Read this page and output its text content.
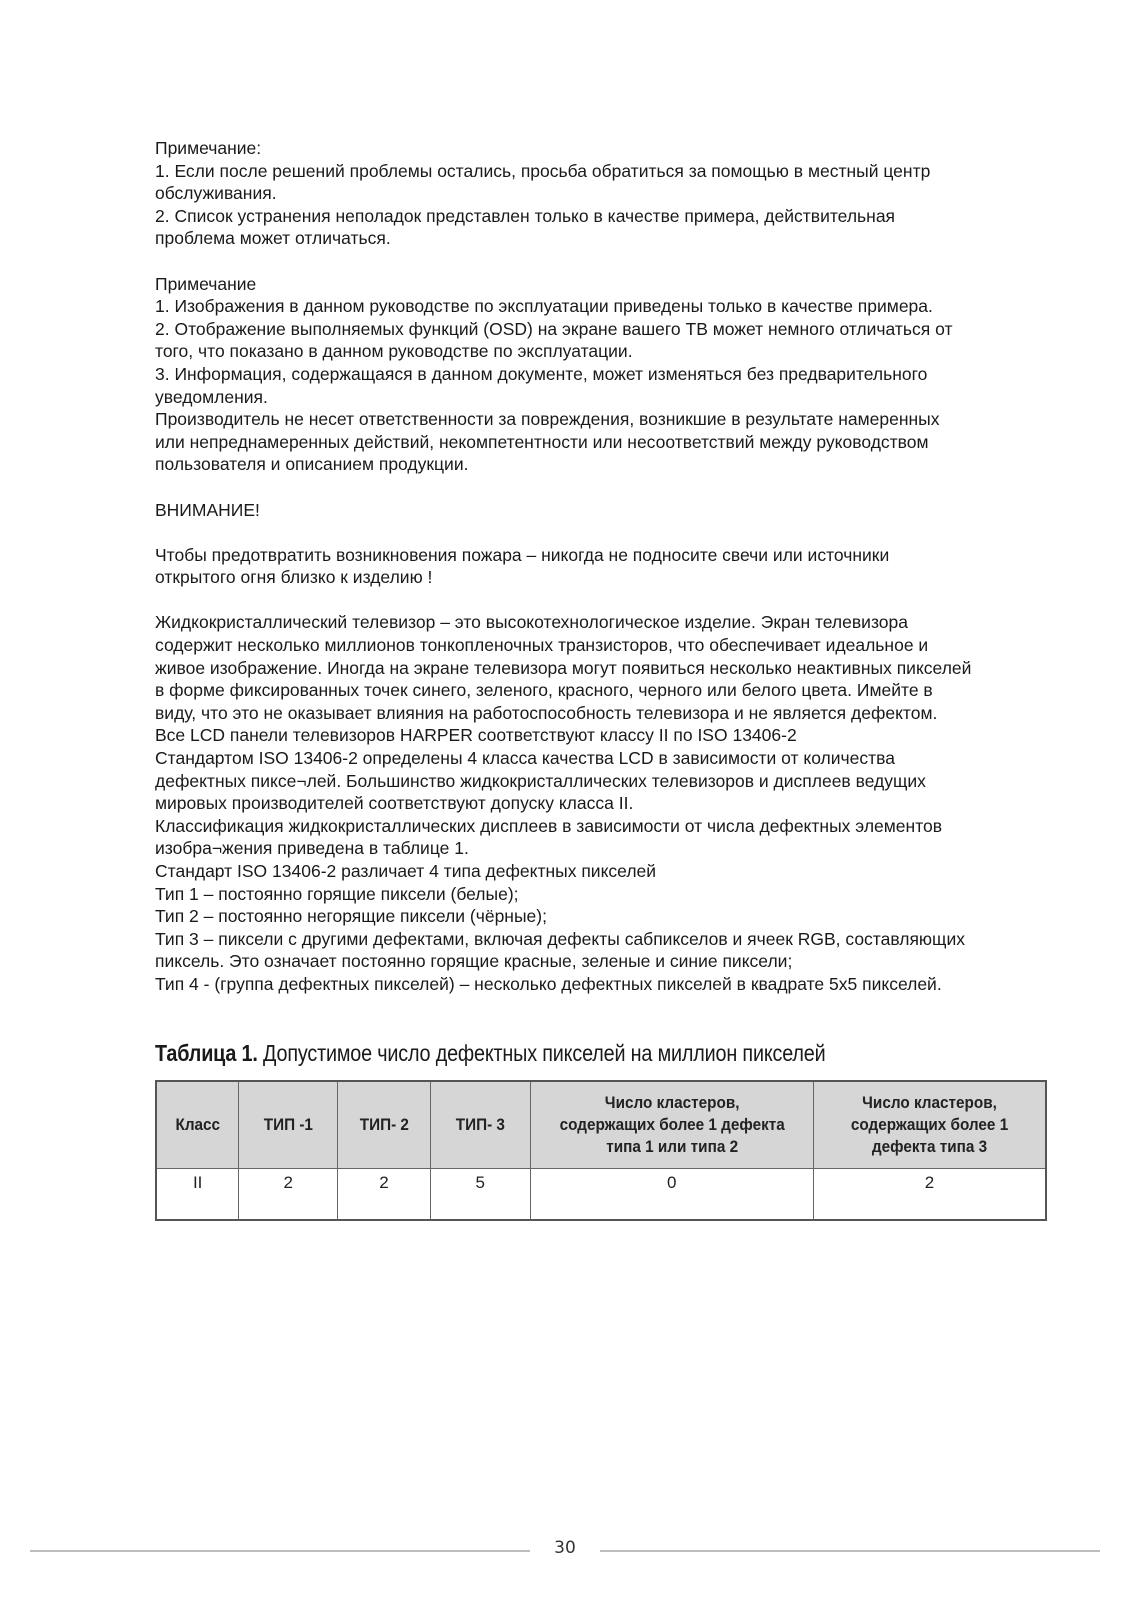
Примечание:

1. Если после решений проблемы остались, просьба обратиться за помощью в местный центр

обслуживания.

2. Список устранения неполадок представлен только в качестве примера, действительная

проблема может отличаться.

Примечание

1. Изображения в данном руководстве по эксплуатации приведены только в качестве примера.

2. Отображение выполняемых функций (OSD) на экране вашего ТВ может немного отличаться от

того, что показано в данном руководстве по эксплуатации.

3. Информация, содержащаяся в данном документе, может изменяться без предварительного

уведомления.

Производитель не несет ответственности за повреждения, возникшие в результате намеренных

или непреднамеренных действий, некомпетентности или несоответствий между руководством

пользователя и описанием продукции.

ВНИМАНИЕ!

Чтобы предотвратить возникновения пожара – никогда не подносите свечи или источники

открытого огня близко к изделию !

Жидкокристаллический телевизор – это высокотехнологическое изделие. Экран телевизора

содержит несколько миллионов тонкопленочных транзисторов, что обеспечивает идеальное и

живое изображение. Иногда на экране телевизора могут появиться несколько неактивных пикселей

в форме фиксированных точек синего, зеленого, красного, черного или белого цвета. Имейте в

виду, что это не оказывает влияния на работоспособность телевизора и не является дефектом.

Все LCD панели телевизоров HARPER соответствуют классу II по ISO 13406-2

Стандартом ISO 13406-2 определены 4 класса качества LCD в зависимости от количества

дефектных пиксе¬лей. Большинство жидкокристаллических телевизоров и дисплеев ведущих

мировых производителей соответствуют допуску класса II.

Классификация жидкокристаллических дисплеев в зависимости от числа дефектных элементов

изобра¬жения приведена в таблице 1.

Стандарт ISO 13406-2 различает 4 типа дефектных пикселей

Тип 1 – постоянно горящие пиксели (белые);

Тип 2 – постоянно негорящие пиксели (чёрные);

Тип 3 – пиксели с другими дефектами, включая дефекты сабпикселов и ячеек RGB, составляющих

пиксель. Это означает постоянно горящие красные, зеленые и синие пиксели;

Тип 4 - (группа дефектных пикселей) – несколько дефектных пикселей в квадрате 5х5 пикселей.

Таблица 1. Допустимое число дефектных пикселей на миллион пикселей
Класс	ТИП -1	ТИП- 2	ТИП- 3	Число кластеров, содержащих более 1 дефекта типа 1 или типа 2	Число кластеров, содержащих более 1 дефекта типа 3
II	2	2	5	0	2
30
